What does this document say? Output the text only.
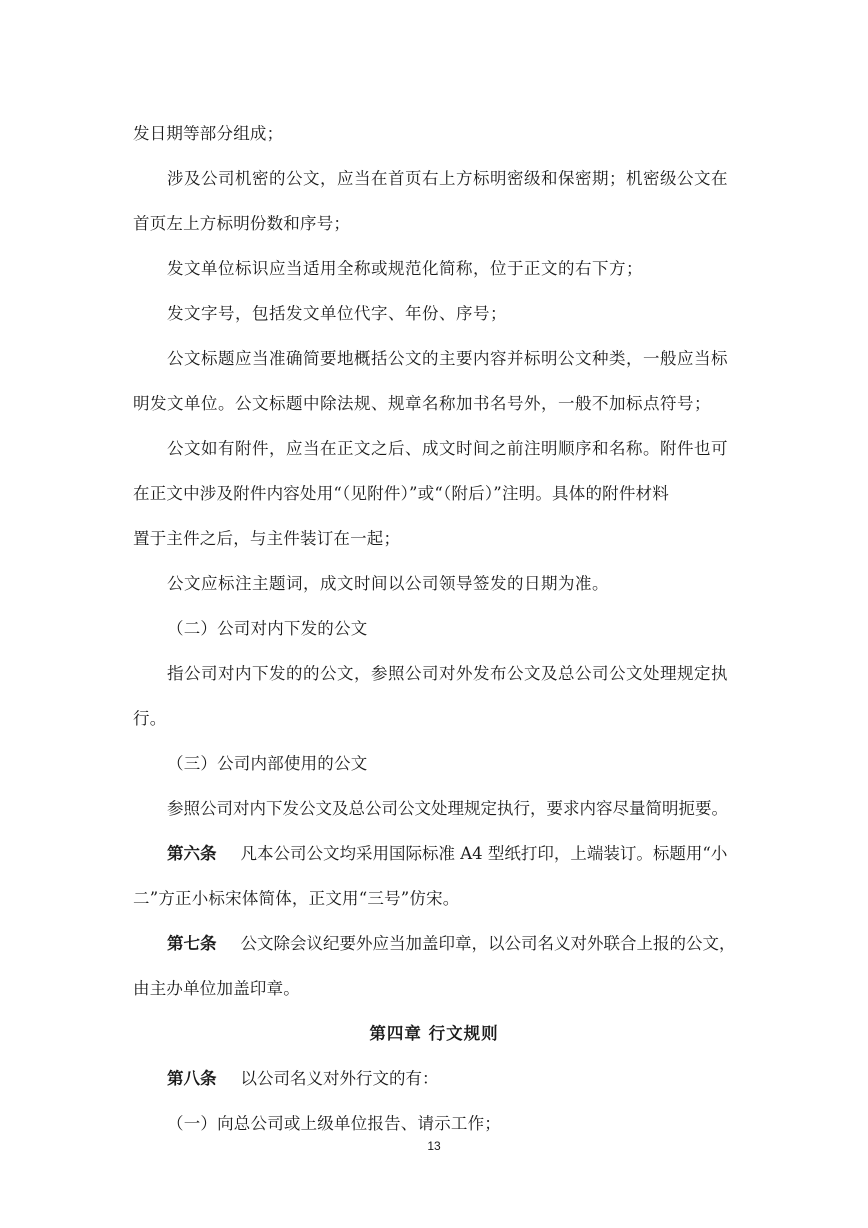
发日期等部分组成；
涉及公司机密的公文，应当在首页右上方标明密级和保密期；机密级公文在
首页左上方标明份数和序号；
发文单位标识应当适用全称或规范化简称，位于正文的右下方；
发文字号，包括发文单位代字、年份、序号；
公文标题应当准确简要地概括公文的主要内容并标明公文种类，一般应当标
明发文单位。公文标题中除法规、规章名称加书名号外，一般不加标点符号；
公文如有附件，应当在正文之后、成文时间之前注明顺序和名称。附件也可
在正文中涉及附件内容处用“（见附件）”或“（附后）”注明。具体的附件材料
置于主件之后，与主件装订在一起；
公文应标注主题词，成文时间以公司领导签发的日期为准。
（二）公司对内下发的公文
指公司对内下发的的公文，参照公司对外发布公文及总公司公文处理规定执
行。
（三）公司内部使用的公文
参照公司对内下发公文及总公司公文处理规定执行，要求内容尽量简明扼要。
第六条 凡本公司公文均采用国际标准 A4 型纸打印，上端装订。标题用“小
二”方正小标宋体简体，正文用“三号”仿宋。
第七条 公文除会议纪要外应当加盖印章，以公司名义对外联合上报的公文，
由主办单位加盖印章。
第四章 行文规则
第八条 以公司名义对外行文的有：
（一）向总公司或上级单位报告、请示工作；
13
